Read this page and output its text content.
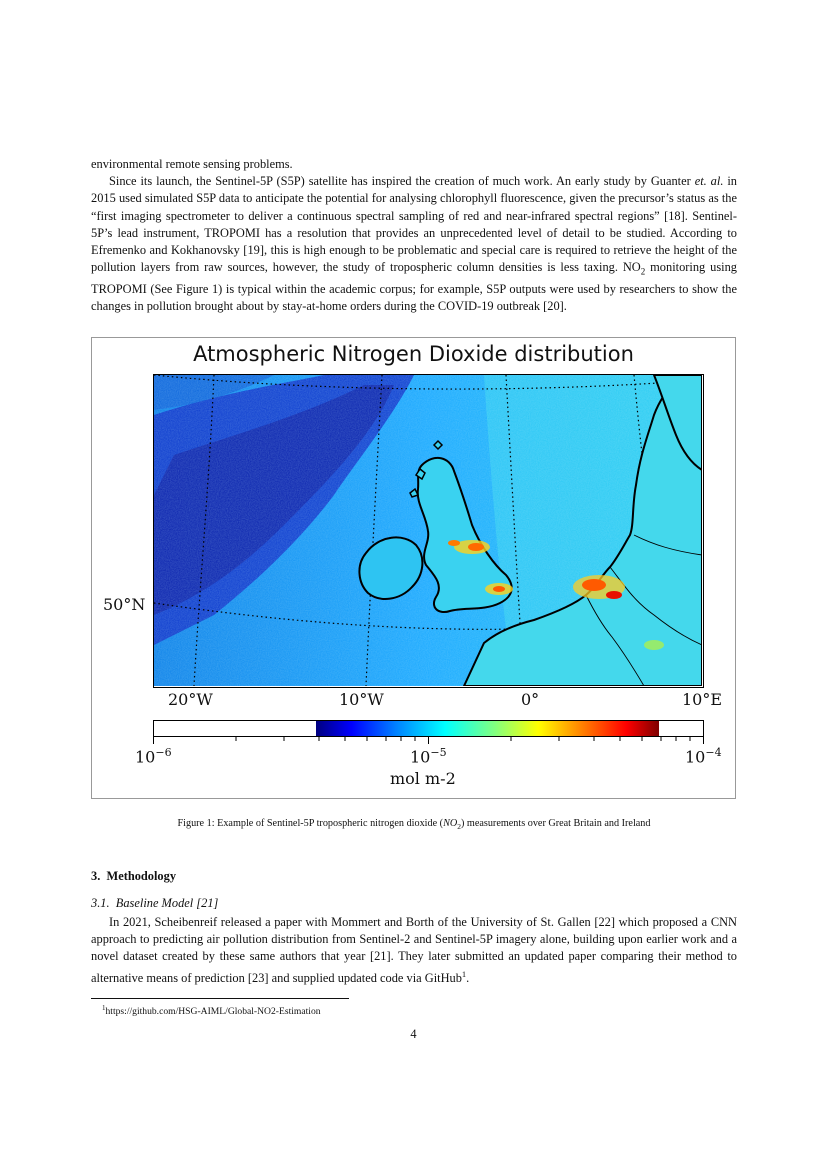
environmental remote sensing problems.

Since its launch, the Sentinel-5P (S5P) satellite has inspired the creation of much work. An early study by Guanter et. al. in 2015 used simulated S5P data to anticipate the potential for analysing chlorophyll fluorescence, given the precursor’s status as the “first imaging spectrometer to deliver a continuous spectral sampling of red and near-infrared spectral regions” [18]. Sentinel-5P’s lead instrument, TROPOMI has a resolution that provides an unprecedented level of detail to be studied. According to Efremenko and Kokhanovsky [19], this is high enough to be problematic and special care is required to retrieve the height of the pollution layers from raw sources, however, the study of tropospheric column densities is less taxing. $NO_2$ monitoring using TROPOMI (See Figure 1) is typical within the academic corpus; for example, S5P outputs were used by researchers to show the changes in pollution brought about by stay-at-home orders during the COVID-19 outbreak [20].

Atmospheric Nitrogen Dioxide distribution
50°N
20°W	10°W	0°	10°E
$10^{-6}$	$10^{-5}$	$10^{-4}$
mol m-2
Figure 1: Example of Sentinel-5P tropospheric nitrogen dioxide $(NO_2)$ measurements over Great Britain and Ireland
3. Methodology
3.1. Baseline Model [21]

In 2021, Scheibenreif released a paper with Mommert and Borth of the University of St. Gallen [22] which proposed a CNN approach to predicting air pollution distribution from Sentinel-2 and Sentinel-5P imagery alone, building upon earlier work and a novel dataset created by these same authors that year [21]. They later submitted an updated paper comparing their method to alternative means of prediction [23] and supplied updated code via GitHub$^1$.

$^1$https://github.com/HSG-AIML/Global-NO2-Estimation
4
